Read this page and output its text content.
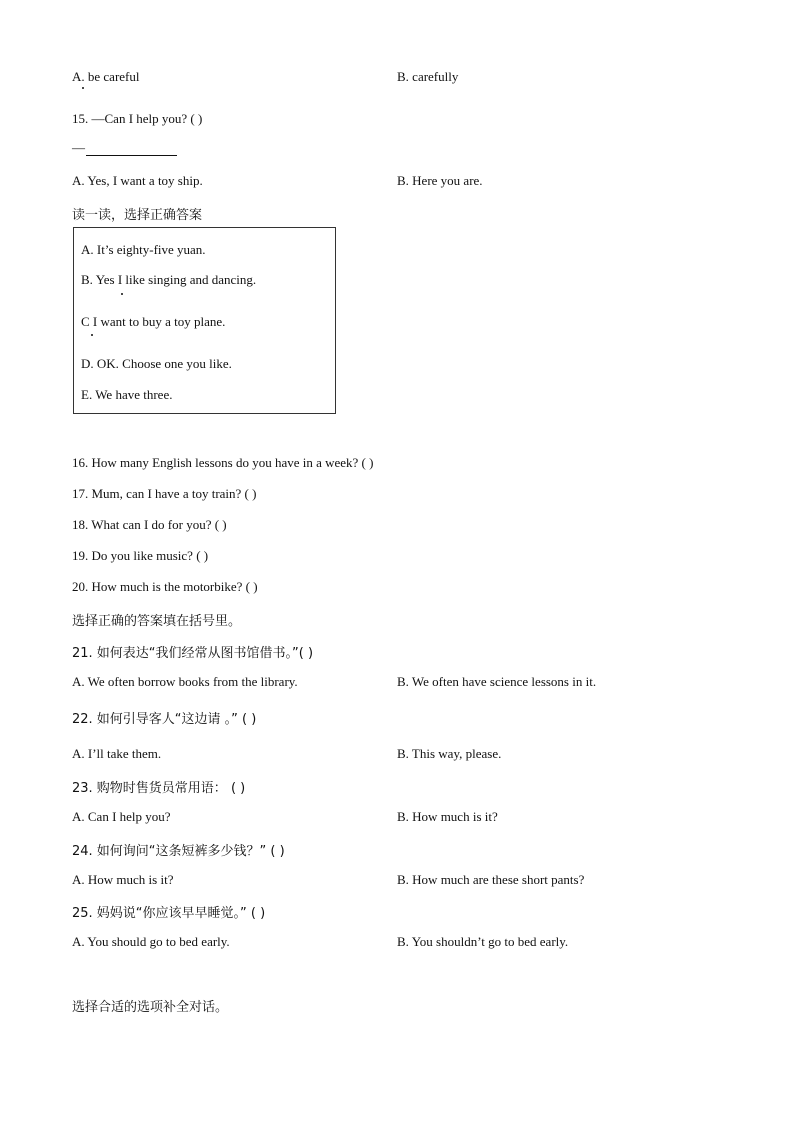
A. be careful	B. carefully
15. —Can I help you? ( )
—
A. Yes, I want a toy ship.	B. Here you are.
读一读，选择正确答案
A. It’s eighty-five yuan.
B. Yes I like singing and dancing.
C I want to buy a toy plane.
D. OK. Choose one you like.
E. We have three.
16. How many English lessons do you have in a week? ( )
17. Mum, can I have a toy train? ( )
18. What can I do for you? ( )
19. Do you like music? ( )
20. How much is the motorbike? ( )
选择正确的答案填在括号里。
21. 如何表达“我们经常从图书馆借书。”( )
A. We often borrow books from the library.	B. We often have science lessons in it.
22. 如何引导客人“这边请 。” ( )
A. I’ll take them.	B. This way, please.
23. 购物时售货员常用语： ( )
A. Can I help you?	B. How much is it?
24. 如何询问“这条短裤多少钱？” ( )
A. How much is it?	B. How much are these short pants?
25. 妈妈说“你应该早早睡觉。” ( )
A. You should go to bed early.	B. You shouldn’t go to bed early.
选择合适的选项补全对话。
